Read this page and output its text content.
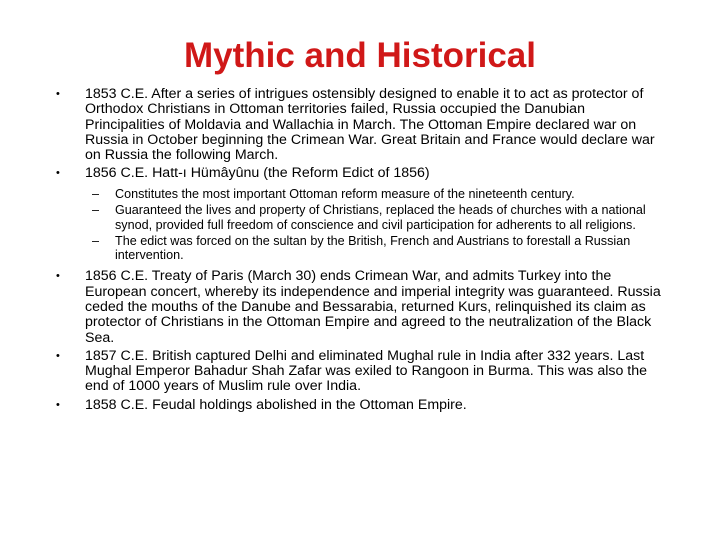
Mythic and Historical
• 1853 C.E. After a series of intrigues ostensibly designed to enable it to act as protector of Orthodox Christians in Ottoman territories failed, Russia occupied the Danubian Principalities of Moldavia and Wallachia in March. The Ottoman Empire declared war on Russia in October beginning the Crimean War. Great Britain and France would declare war on Russia the following March.
• 1856 C.E. Hatt-ı Hümâyûnu (the Reform Edict of 1856)
– Constitutes the most important Ottoman reform measure of the nineteenth century.
– Guaranteed the lives and property of Christians, replaced the heads of churches with a national synod, provided full freedom of conscience and civil participation for adherents to all religions.
– The edict was forced on the sultan by the British, French and Austrians to forestall a Russian intervention.
• 1856 C.E. Treaty of Paris (March 30) ends Crimean War, and admits Turkey into the European concert, whereby its independence and imperial integrity was guaranteed. Russia ceded the mouths of the Danube and Bessarabia, returned Kurs, relinquished its claim as protector of Christians in the Ottoman Empire and agreed to the neutralization of the Black Sea.
• 1857 C.E. British captured Delhi and eliminated Mughal rule in India after 332 years. Last Mughal Emperor Bahadur Shah Zafar was exiled to Rangoon in Burma. This was also the end of 1000 years of Muslim rule over India.
• 1858 C.E. Feudal holdings abolished in the Ottoman Empire.
